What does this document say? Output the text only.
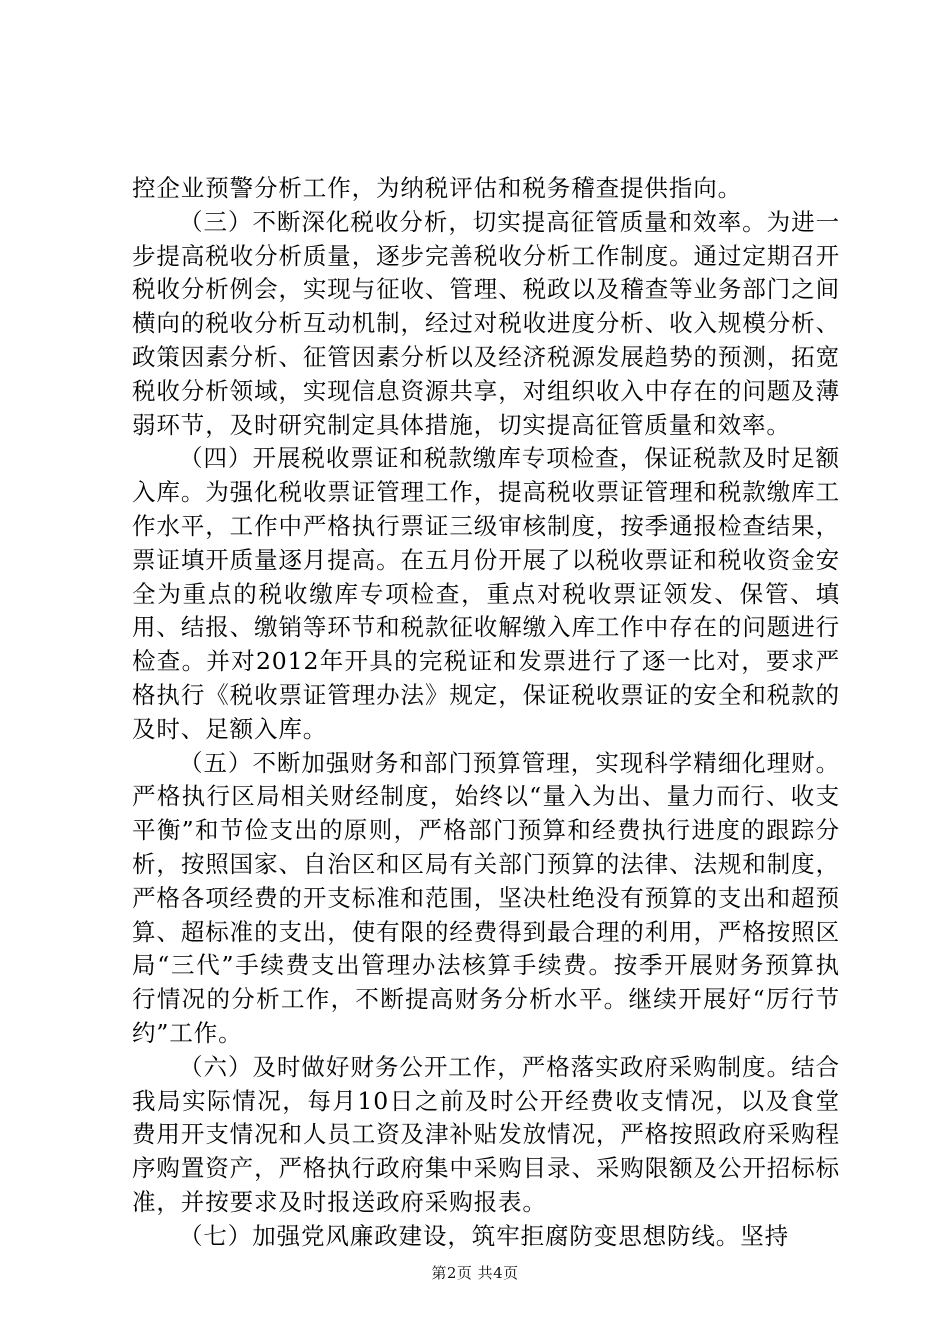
控企业预警分析工作，为纳税评估和税务稽查提供指向。

（三）不断深化税收分析，切实提高征管质量和效率。为进一步提高税收分析质量，逐步完善税收分析工作制度。通过定期召开税收分析例会，实现与征收、管理、税政以及稽查等业务部门之间横向的税收分析互动机制，经过对税收进度分析、收入规模分析、政策因素分析、征管因素分析以及经济税源发展趋势的预测，拓宽税收分析领域，实现信息资源共享，对组织收入中存在的问题及薄弱环节，及时研究制定具体措施，切实提高征管质量和效率。

（四）开展税收票证和税款缴库专项检查，保证税款及时足额入库。为强化税收票证管理工作，提高税收票证管理和税款缴库工作水平，工作中严格执行票证三级审核制度，按季通报检查结果，票证填开质量逐月提高。在五月份开展了以税收票证和税收资金安全为重点的税收缴库专项检查，重点对税收票证领发、保管、填用、结报、缴销等环节和税款征收解缴入库工作中存在的问题进行检查。并对2012年开具的完税证和发票进行了逐一比对，要求严格执行《税收票证管理办法》规定，保证税收票证的安全和税款的及时、足额入库。

（五）不断加强财务和部门预算管理，实现科学精细化理财。严格执行区局相关财经制度，始终以“量入为出、量力而行、收支平衡”和节俭支出的原则，严格部门预算和经费执行进度的跟踪分析，按照国家、自治区和区局有关部门预算的法律、法规和制度，严格各项经费的开支标准和范围，坚决杜绝没有预算的支出和超预算、超标准的支出，使有限的经费得到最合理的利用，严格按照区局“三代”手续费支出管理办法核算手续费。按季开展财务预算执行情况的分析工作，不断提高财务分析水平。继续开展好“厉行节约”工作。

（六）及时做好财务公开工作，严格落实政府采购制度。结合我局实际情况，每月10日之前及时公开经费收支情况，以及食堂费用开支情况和人员工资及津补贴发放情况，严格按照政府采购程序购置资产，严格执行政府集中采购目录、采购限额及公开招标标准，并按要求及时报送政府采购报表。

（七）加强党风廉政建设，筑牢拒腐防变思想防线。坚持

第2页 共4页
